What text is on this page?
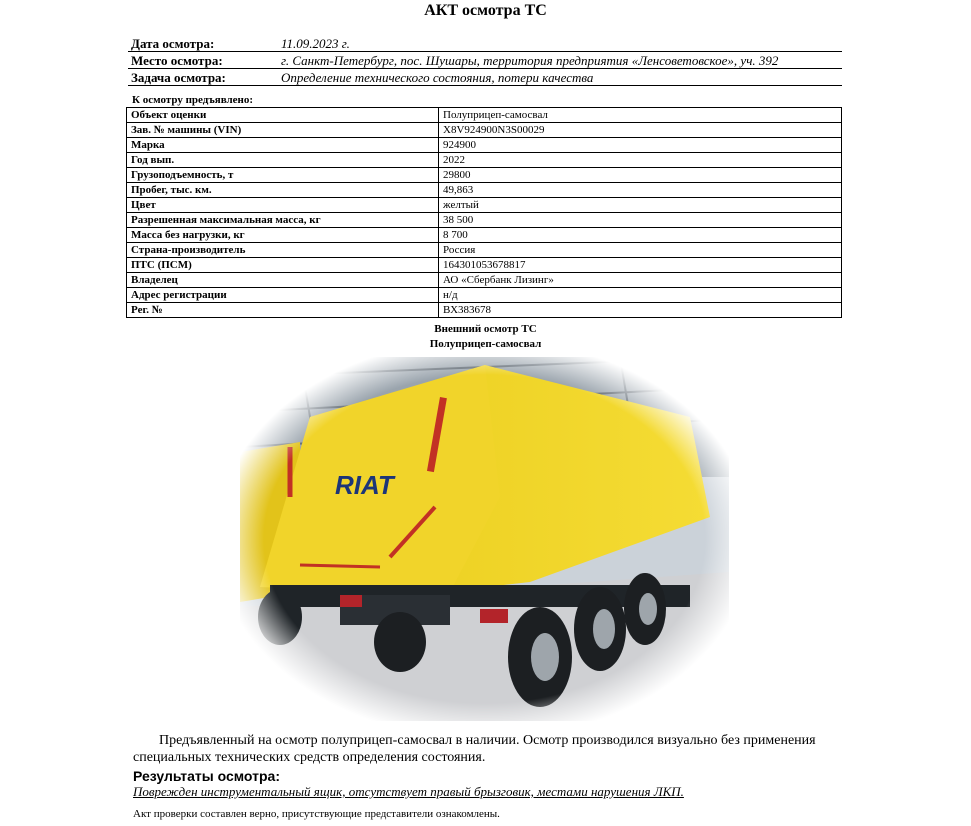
АКТ осмотра ТС
Дата осмотра:	11.09.2023 г.
Место осмотра:	г. Санкт-Петербург, пос. Шушары, территория предприятия «Ленсоветовское», уч. 392
Задача осмотра:	Определение технического состояния, потери качества
К осмотру предъявлено:
Объект оценки	Полуприцеп-самосвал
Зав. № машины (VIN)	X8V924900N3S00029
Марка	924900
Год вып.	2022
Грузоподъемность, т	29800
Пробег, тыс. км.	49,863
Цвет	желтый
Разрешенная максимальная масса, кг	38 500
Масса без нагрузки, кг	8 700
Страна-производитель	Россия
ПТС (ПСМ)	164301053678817
Владелец	АО «Сбербанк Лизинг»
Адрес регистрации	н/д
Рег. №	ВХ383678
Внешний осмотр ТС
Полуприцеп-самосвал
Предъявленный на осмотр полуприцеп-самосвал в наличии. Осмотр производился визуально без применения специальных технических средств определения состояния.
Результаты осмотра:
Поврежден инструментальный ящик, отсутствует правый брызговик, местами нарушения ЛКП.
Акт проверки составлен верно, присутствующие представители ознакомлены.
